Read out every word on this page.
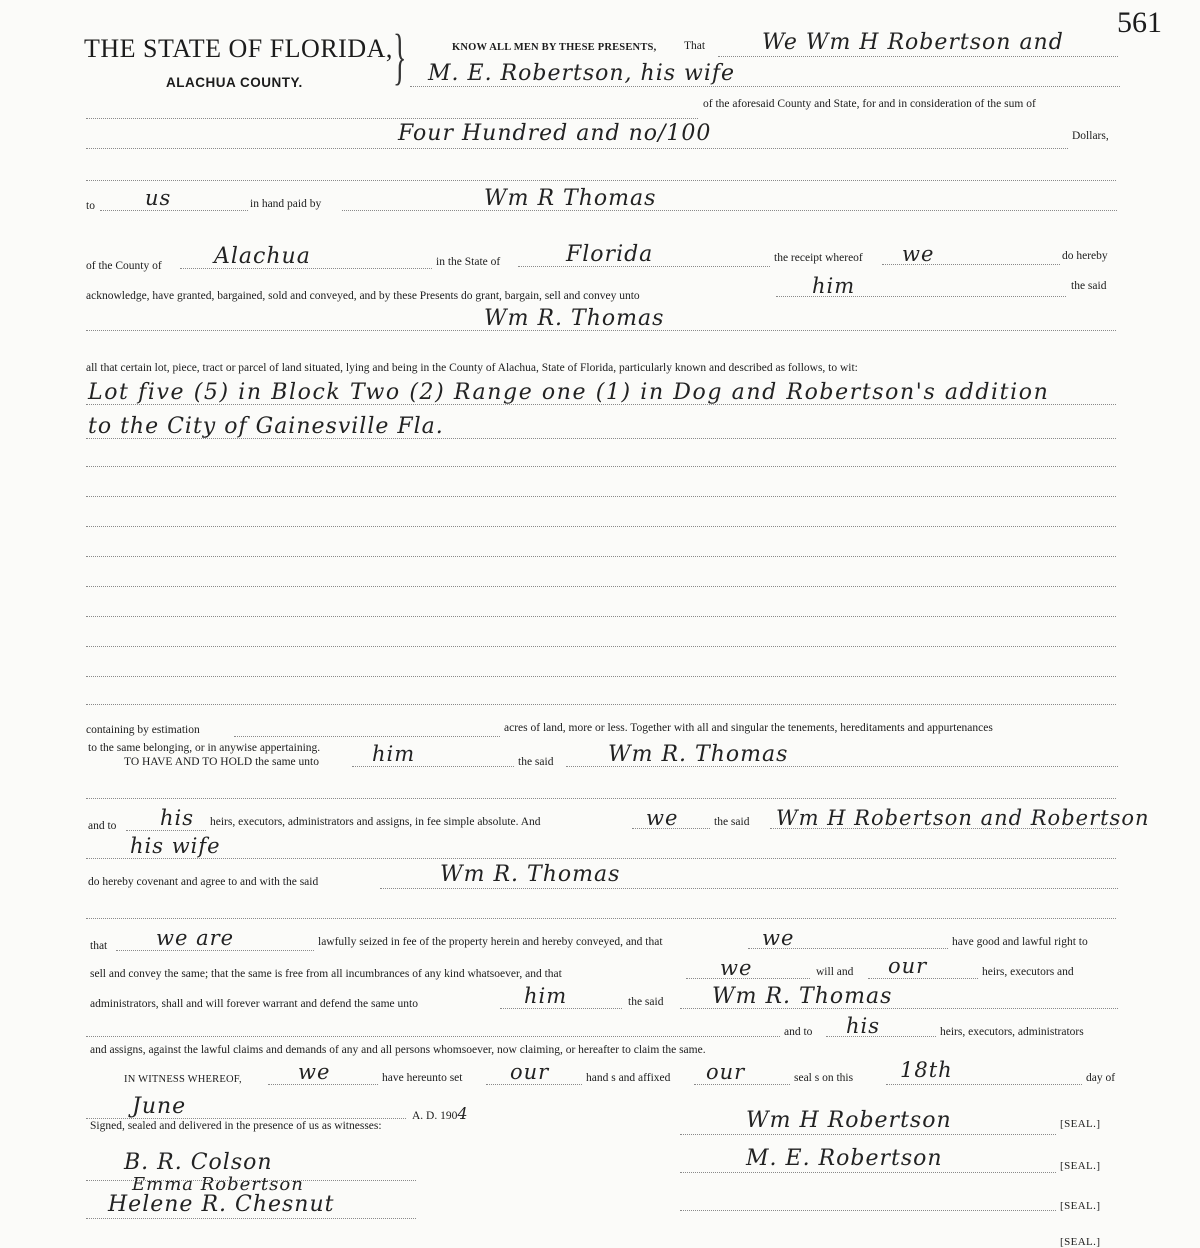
THE STATE OF FLORIDA, }
ALACHUA COUNTY.
561
KNOW ALL MEN BY THESE PRESENTS, That	We Wm H Robertson and
M. E. Robertson, his wife
of the aforesaid County and State, for and in consideration of the sum of
Four Hundred and no/100	Dollars,
to us	in hand paid by	Wm R Thomas
of the County of Alachua	in the State of	Florida	the receipt whereof we	do hereby
acknowledge, have granted, bargained, sold and conveyed, and by these Presents do grant, bargain, sell and convey unto	him	the said
Wm R. Thomas
all that certain lot, piece, tract or parcel of land situated, lying and being in the County of Alachua, State of Florida, particularly known and described as follows, to wit:
Lot five (5) in Block Two (2) Range one (1) in Dog and Robertson's addition
to the City of Gainesville Fla.
containing by estimation	acres of land, more or less. Together with all and singular the tenements, hereditaments and appurtenances
to the same belonging, or in anywise appertaining.
TO HAVE AND TO HOLD the same unto	him	the said Wm R. Thomas
and to his heirs, executors, administrators and assigns, in fee simple absolute. And	we	the said Wm H Robertson and Robertson
his wife
do hereby covenant and agree to and with the said	Wm R. Thomas
that we are	lawfully seized in fee of the property herein and hereby conveyed, and that	we	have good and lawful right to
sell and convey the same; that the same is free from all incumbrances of any kind whatsoever, and that	we	will and our	heirs, executors and
administrators, shall and will forever warrant and defend the same unto	him	the said Wm R. Thomas
and to his	heirs, executors, administrators
and assigns, against the lawful claims and demands of any and all persons whomsoever, now claiming, or hereafter to claim the same.
IN WITNESS WHEREOF,	we	have hereunto set our	hand s and affixed our	seal s on this 18th	day of
June	A. D. 1904
Signed, sealed and delivered in the presence of us as witnesses:
B. R. Colson
Emma Robertson
Helene R. Chesnut
Wm H Robertson	[SEAL.]
M. E. Robertson	[SEAL.]
[SEAL.]
[SEAL.]
